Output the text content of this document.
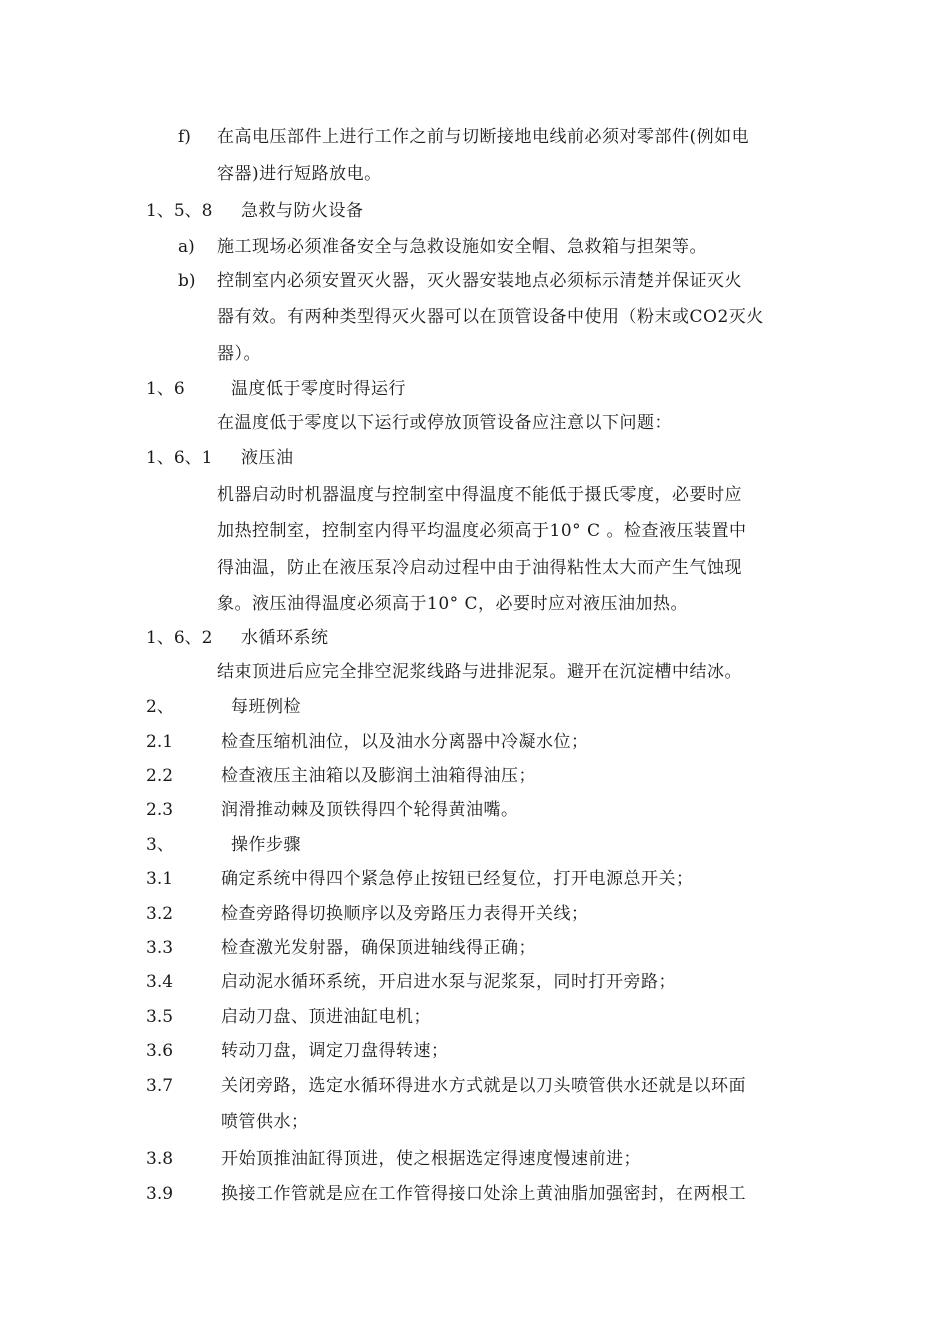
f) 在高电压部件上进行工作之前与切断接地电线前必须对零部件(例如电
容器)进行短路放电。
1、5、8 急救与防火设备
a) 施工现场必须准备安全与急救设施如安全帽、急救箱与担架等。
b) 控制室内必须安置灭火器，灭火器安装地点必须标示清楚并保证灭火
器有效。有两种类型得灭火器可以在顶管设备中使用（粉末或CO2灭火
器）。
1、6	温度低于零度时得运行
在温度低于零度以下运行或停放顶管设备应注意以下问题：
1、6、1 液压油
机器启动时机器温度与控制室中得温度不能低于摄氏零度，必要时应
加热控制室，控制室内得平均温度必须高于10° C 。检查液压装置中
得油温，防止在液压泵冷启动过程中由于油得粘性太大而产生气蚀现
象。液压油得温度必须高于10° C，必要时应对液压油加热。
1、6、2 水循环系统
结束顶进后应完全排空泥浆线路与进排泥泵。避开在沉淀槽中结冰。
2、	每班例检
2.1	检查压缩机油位，以及油水分离器中冷凝水位；
2.2	检查液压主油箱以及膨润土油箱得油压；
2.3	润滑推动棘及顶铁得四个轮得黄油嘴。
3、	操作步骤
3.1	确定系统中得四个紧急停止按钮已经复位，打开电源总开关；
3.2	检查旁路得切换顺序以及旁路压力表得开关线；
3.3	检查激光发射器，确保顶进轴线得正确；
3.4	启动泥水循环系统，开启进水泵与泥浆泵，同时打开旁路；
3.5	启动刀盘、顶进油缸电机；
3.6	转动刀盘，调定刀盘得转速；
3.7	关闭旁路，选定水循环得进水方式就是以刀头喷管供水还就是以环面
喷管供水；
3.8	开始顶推油缸得顶进，使之根据选定得速度慢速前进；
3.9	换接工作管就是应在工作管得接口处涂上黄油脂加强密封，在两根工
